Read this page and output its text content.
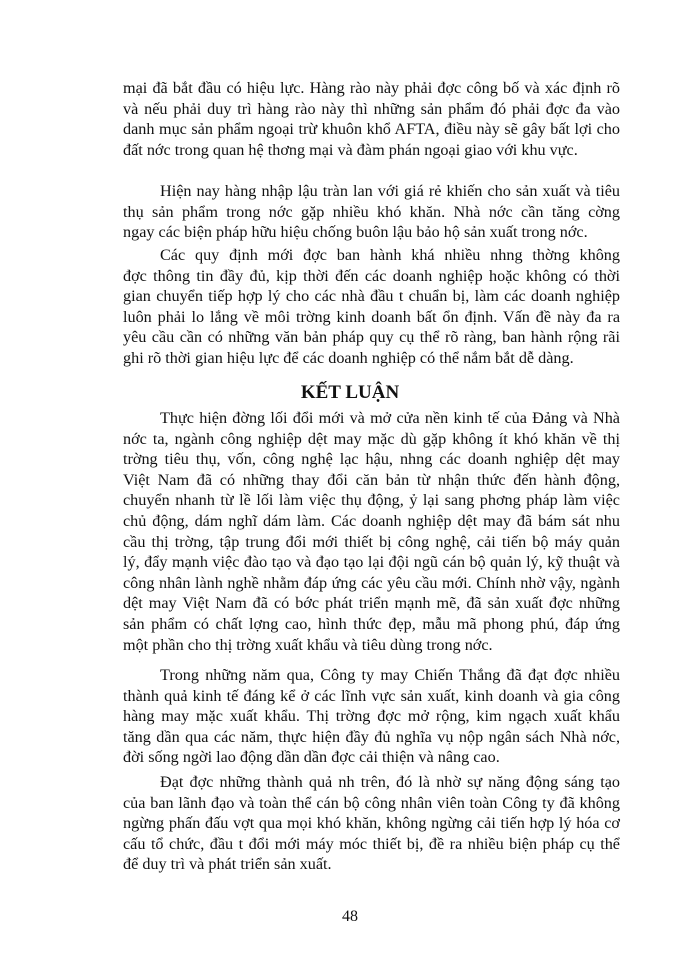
mại đã bắt đầu có hiệu lực. Hàng rào này phải đợc công bố và xác định rõ
và nếu phải duy trì hàng rào này thì những sản phẩm đó phải đợc đa vào
danh mục sản phẩm ngoại trừ khuôn khổ AFTA, điều này sẽ gây bất lợi cho
đất nớc trong quan hệ thơng mại và đàm phán ngoại giao với khu vực.
Hiện nay hàng nhập lậu tràn lan với giá rẻ khiến cho sản xuất và tiêu
thụ sản phẩm trong nớc gặp nhiều khó khăn. Nhà nớc cần tăng cờng
ngay các biện pháp hữu hiệu chống buôn lậu bảo hộ sản xuất trong nớc.
Các quy định mới đợc ban hành khá nhiều nhng thờng không
đợc thông tin đầy đủ, kịp thời đến các doanh nghiệp hoặc không có thời
gian chuyển tiếp hợp lý cho các nhà đầu t chuẩn bị, làm các doanh nghiệp
luôn phải lo lắng về môi trờng kinh doanh bất ổn định. Vấn đề này đa ra
yêu cầu cần có những văn bản pháp quy cụ thể rõ ràng, ban hành rộng rãi
ghi rõ thời gian hiệu lực để các doanh nghiệp có thể nắm bắt dễ dàng.
Thực hiện đờng lối đổi mới và mở cửa nền kinh tế của Đảng và Nhà
nớc ta, ngành công nghiệp dệt may mặc dù gặp không ít khó khăn về thị
trờng tiêu thụ, vốn, công nghệ lạc hậu, nhng các doanh nghiệp dệt may
Việt Nam đã có những thay đổi căn bản từ nhận thức đến hành động,
chuyển nhanh từ lề lối làm việc thụ động, ỷ lại sang phơng pháp làm việc
chủ động, dám nghĩ dám làm. Các doanh nghiệp dệt may đã bám sát nhu
cầu thị trờng, tập trung đổi mới thiết bị công nghệ, cải tiến bộ máy quản
lý, đẩy mạnh việc đào tạo và đạo tạo lại đội ngũ cán bộ quản lý, kỹ thuật và
công nhân lành nghề nhằm đáp ứng các yêu cầu mới. Chính nhờ vậy, ngành
dệt may Việt Nam đã có bớc phát triển mạnh mẽ, đã sản xuất đợc những
sản phẩm có chất lợng cao, hình thức đẹp, mẫu mã phong phú, đáp ứng
một phần cho thị trờng xuất khẩu và tiêu dùng trong nớc.
Trong những năm qua, Công ty may Chiến Thắng đã đạt đợc nhiều
thành quả kinh tế đáng kể ở các lĩnh vực sản xuất, kinh doanh và gia công
hàng may mặc xuất khẩu. Thị trờng đợc mở rộng, kim ngạch xuất khẩu
tăng dần qua các năm, thực hiện đầy đủ nghĩa vụ nộp ngân sách Nhà nớc,
đời sống ngời lao động dần dần đợc cải thiện và nâng cao.
Đạt đợc những thành quả nh trên, đó là nhờ sự năng động sáng tạo
của ban lãnh đạo và toàn thể cán bộ công nhân viên toàn Công ty đã không
ngừng phấn đấu vợt qua mọi khó khăn, không ngừng cải tiến hợp lý hóa cơ
cấu tổ chức, đầu t đổi mới máy móc thiết bị, đề ra nhiều biện pháp cụ thể
để duy trì và phát triển sản xuất.
KẾT LUẬN
48
